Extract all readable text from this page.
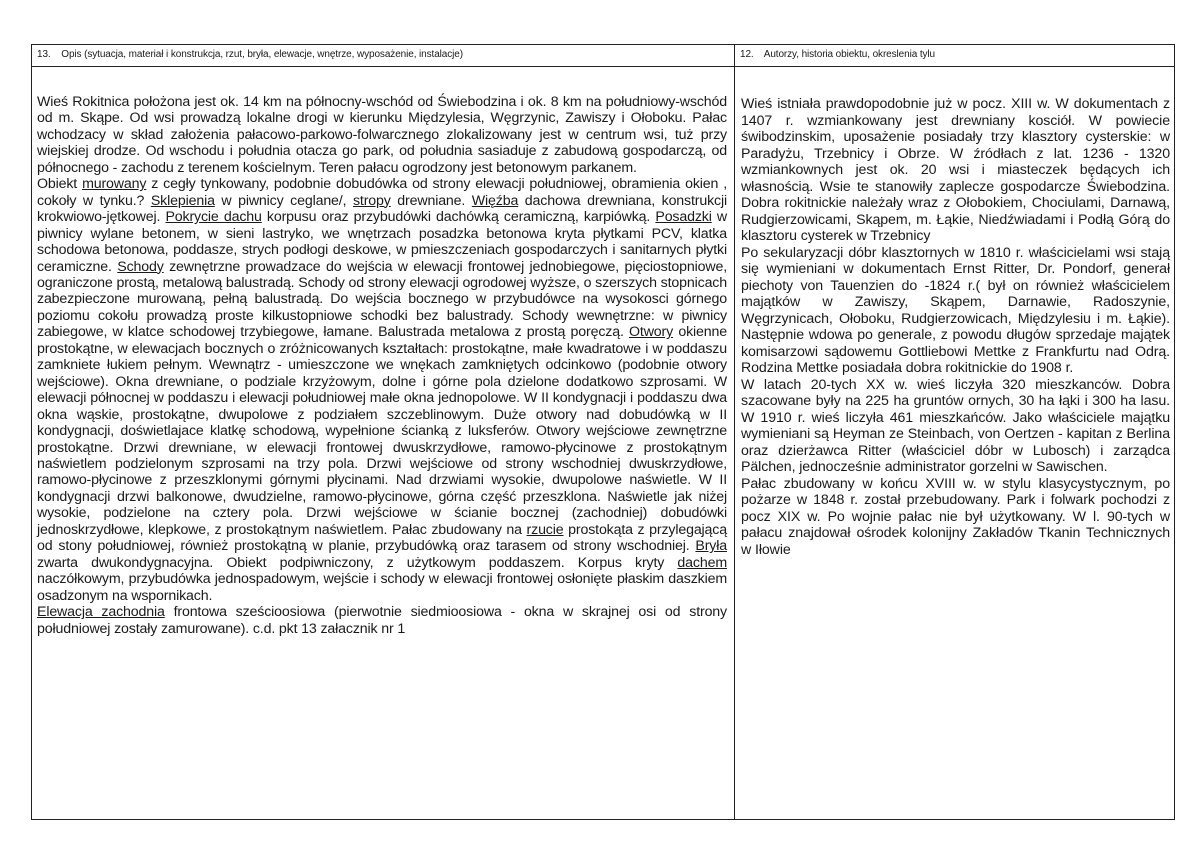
13. Opis (sytuacja, materiał i konstrukcja, rzut, bryła, elewacje, wnętrze, wyposażenie, instalacje)

Wieś Rokitnica położona jest ok. 14 km na północny-wschód od Świebodzina i ok. 8 km na południowy-wschód od m. Skąpe. Od wsi prowadzą lokalne drogi w kierunku Międzylesia, Węgrzynic, Zawiszy i Ołoboku. Pałac wchodzacy w skład założenia pałacowo-parkowo-folwarcznego zlokalizowany jest w centrum wsi, tuż przy wiejskiej drodze. Od wschodu i południa otacza go park, od południa sasiaduje z zabudową gospodarczą, od północnego - zachodu z terenem kościelnym. Teren pałacu ogrodzony jest betonowym parkanem.

Obiekt murowany z cegły tynkowany, podobnie dobudówka od strony elewacji południowej, obramienia okien , cokoły w tynku.? Sklepienia w piwnicy ceglane/, stropy drewniane. Więźba dachowa drewniana, konstrukcji krokwiowo-jętkowej. Pokrycie dachu korpusu oraz przybudówki dachówką ceramiczną, karpiówką. Posadzki w piwnicy wylane betonem, w sieni lastryko, we wnętrzach posadzka betonowa kryta płytkami PCV, klatka schodowa betonowa, poddasze, strych podłogi deskowe, w pmieszczeniach gospodarczych i sanitarnych płytki ceramiczne. Schody zewnętrzne prowadzace do wejścia w elewacji frontowej jednobiegowe, pięciostopniowe, ograniczone prostą, metalową balustradą. Schody od strony elewacji ogrodowej wyższe, o szerszych stopnicach zabezpieczone murowaną, pełną balustradą. Do wejścia bocznego w przybudówce na wysokosci górnego poziomu cokołu prowadzą proste kilkustopniowe schodki bez balustrady. Schody wewnętrzne: w piwnicy zabiegowe, w klatce schodowej trzybiegowe, łamane. Balustrada metalowa z prostą poręczą. Otwory okienne prostokątne, w elewacjach bocznych o zróżnicowanych kształtach: prostokątne, małe kwadratowe i w poddaszu zamkniete łukiem pełnym. Wewnątrz - umieszczone we wnękach zamkniętych odcinkowo (podobnie otwory wejściowe). Okna drewniane, o podziale krzyżowym, dolne i górne pola dzielone dodatkowo szprosami. W elewacji północnej w poddaszu i elewacji południowej małe okna jednopolowe. W II kondygnacji i poddaszu dwa okna wąskie, prostokątne, dwupolowe z podziałem szczeblinowym. Duże otwory nad dobudówką w II kondygnacji, doświetlajace klatkę schodową, wypełnione ścianką z luksferów. Otwory wejściowe zewnętrzne prostokątne. Drzwi drewniane, w elewacji frontowej dwuskrzydłowe, ramowo-płycinowe z prostokątnym naświetlem podzielonym szprosami na trzy pola. Drzwi wejściowe od strony wschodniej dwuskrzydłowe, ramowo-płycinowe z przeszklonymi górnymi płycinami. Nad drzwiami wysokie, dwupolowe naświetle. W II kondygnacji drzwi balkonowe, dwudzielne, ramowo-płycinowe, górna część przeszklona. Naświetle jak niżej wysokie, podzielone na cztery pola. Drzwi wejściowe w ścianie bocznej (zachodniej) dobudówki jednoskrzydłowe, klepkowe, z prostokątnym naświetlem. Pałac zbudowany na rzucie prostokąta z przylegającą od stony południowej, również prostokątną w planie, przybudówką oraz tarasem od strony wschodniej. Bryła zwarta dwukondygnacyjna. Obiekt podpiwniczony, z użytkowym poddaszem. Korpus kryty dachem naczółkowym, przybudówka jednospadowym, wejście i schody w elewacji frontowej osłonięte płaskim daszkiem osadzonym na wspornikach.

Elewacja zachodnia frontowa sześcioosiowa (pierwotnie siedmioosiowa - okna w skrajnej osi od strony południowej zostały zamurowane). c.d. pkt 13 załacznik nr 1

12. Autorzy, historia obiektu, okreslenia tylu

Wieś istniała prawdopodobnie już w pocz. XIII w. W dokumentach z 1407 r. wzmiankowany jest drewniany kosciół. W powiecie świbodzinskim, uposażenie posiadały trzy klasztory cysterskie: w Paradyżu, Trzebnicy i Obrze. W źródłach z lat. 1236 - 1320 wzmiankownych jest ok. 20 wsi i miasteczek będących ich własnością. Wsie te stanowiły zaplecze gospodarcze Świebodzina. Dobra rokitnickie należały wraz z Ołobokiem, Chociulami, Darnawą, Rudgierzowicami, Skąpem, m. Łąkie, Niedźwiadami i Podłą Górą do klasztoru cysterek w Trzebnicy

Po sekularyzacji dóbr klasztornych w 1810 r. właścicielami wsi stają się wymieniani w dokumentach Ernst Ritter, Dr. Pondorf, generał piechoty von Tauenzien do -1824 r.( był on również właścicielem majątków w Zawiszy, Skąpem, Darnawie, Radoszynie, Węgrzynicach, Ołoboku, Rudgierzowicach, Międzylesiu i m. Łąkie). Następnie wdowa po generale, z powodu długów sprzedaje majątek komisarzowi sądowemu Gottliebowi Mettke z Frankfurtu nad Odrą. Rodzina Mettke posiadała dobra rokitnickie do 1908 r.

W latach 20-tych XX w. wieś liczyła 320 mieszkanców. Dobra szacowane były na 225 ha gruntów ornych, 30 ha łąki i 300 ha lasu. W 1910 r. wieś liczyła 461 mieszkańców. Jako właściciele majątku wymieniani są Heyman ze Steinbach, von Oertzen - kapitan z Berlina oraz dzierżawca Ritter (właściciel dóbr w Lubosch) i zarządca Pälchen, jednocześnie administrator gorzelni w Sawischen.

Pałac zbudowany w końcu XVIII w. w stylu klasycystycznym, po pożarze w 1848 r. został przebudowany. Park i folwark pochodzi z pocz XIX w. Po wojnie pałac nie był użytkowany. W l. 90-tych w pałacu znajdował ośrodek kolonijny Zakładów Tkanin Technicznych w Iłowie
